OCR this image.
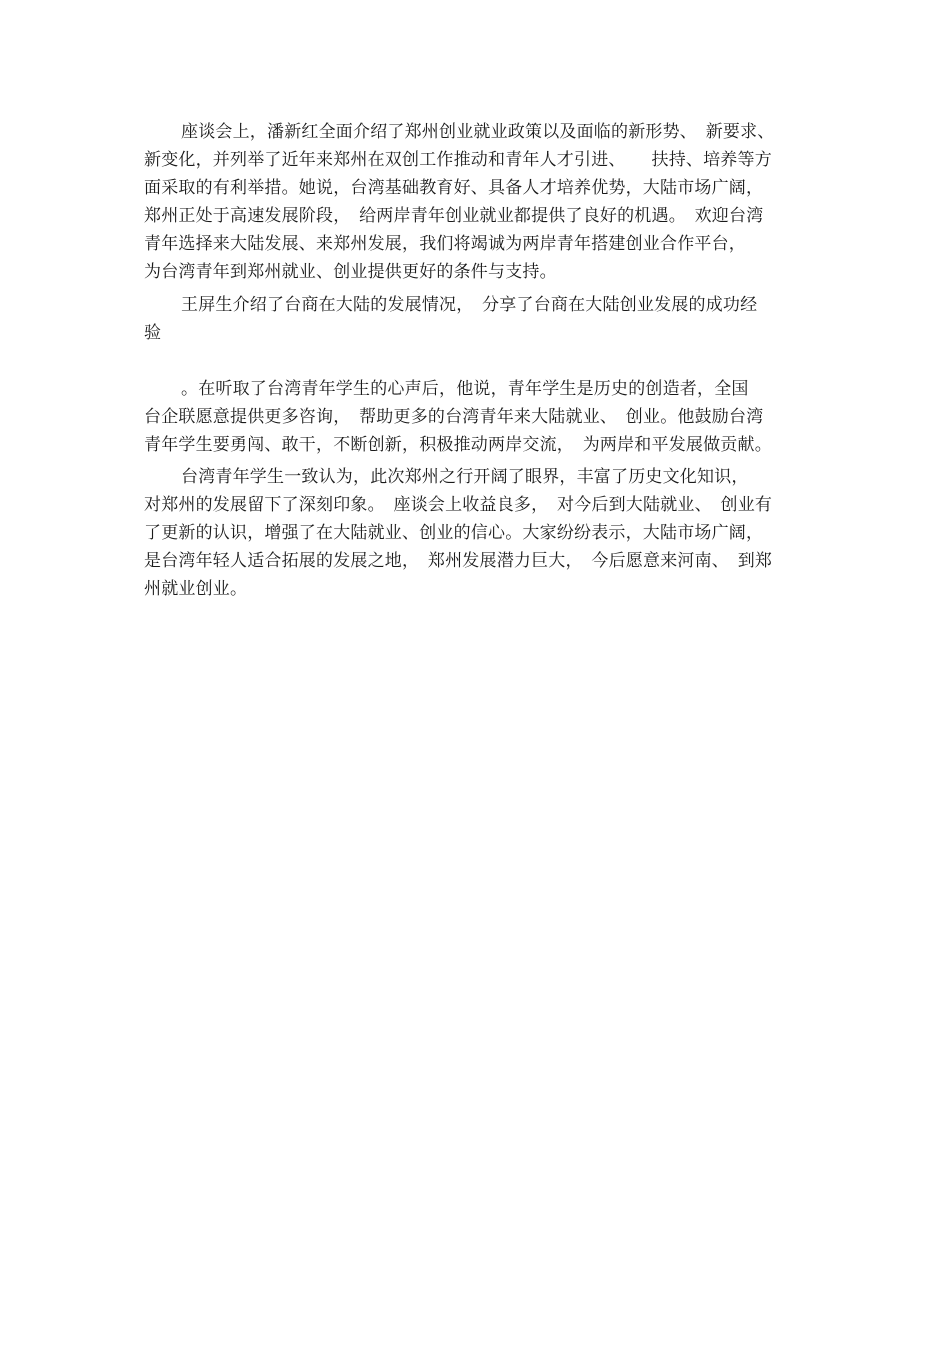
座谈会上，潘新红全面介绍了郑州创业就业政策以及面临的新形势、　新要求、
新变化，并列举了近年来郑州在双创工作推动和青年人才引进、　　扶持、培养等方
面采取的有利举措。她说，台湾基础教育好、具备人才培养优势，大陆市场广阔，
郑州正处于高速发展阶段，　给两岸青年创业就业都提供了良好的机遇。　欢迎台湾
青年选择来大陆发展、来郑州发展，我们将竭诚为两岸青年搭建创业合作平台，
为台湾青年到郑州就业、创业提供更好的条件与支持。
王屏生介绍了台商在大陆的发展情况，　分享了台商在大陆创业发展的成功经
验
。在听取了台湾青年学生的心声后，他说，青年学生是历史的创造者，全国
台企联愿意提供更多咨询，　帮助更多的台湾青年来大陆就业、　创业。他鼓励台湾
青年学生要勇闯、敢干，不断创新，积极推动两岸交流，　为两岸和平发展做贡献。
台湾青年学生一致认为，此次郑州之行开阔了眼界，丰富了历史文化知识，
对郑州的发展留下了深刻印象。　座谈会上收益良多，　对今后到大陆就业、　创业有
了更新的认识，增强了在大陆就业、创业的信心。大家纷纷表示，大陆市场广阔，
是台湾年轻人适合拓展的发展之地，　郑州发展潜力巨大，　今后愿意来河南、　到郑
州就业创业。
